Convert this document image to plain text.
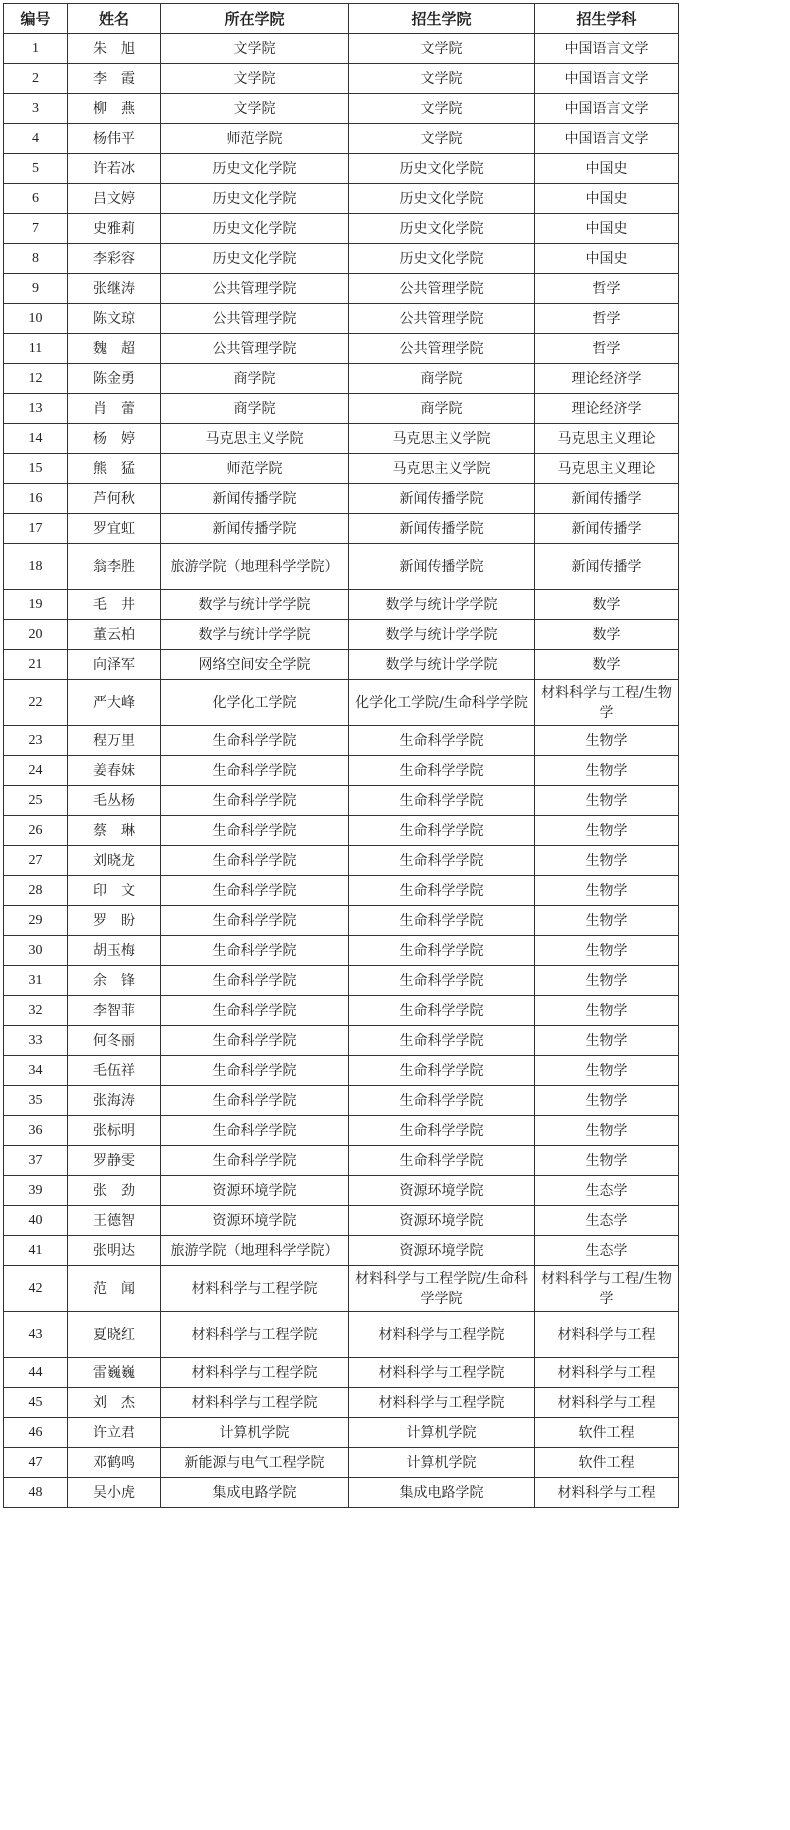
编号	姓名	所在学院	招生学院	招生学科
1	朱　旭	文学院	文学院	中国语言文学
2	李　霞	文学院	文学院	中国语言文学
3	柳　燕	文学院	文学院	中国语言文学
4	杨伟平	师范学院	文学院	中国语言文学
5	许若冰	历史文化学院	历史文化学院	中国史
6	吕文婷	历史文化学院	历史文化学院	中国史
7	史雅莉	历史文化学院	历史文化学院	中国史
8	李彩容	历史文化学院	历史文化学院	中国史
9	张继涛	公共管理学院	公共管理学院	哲学
10	陈文琼	公共管理学院	公共管理学院	哲学
11	魏　超	公共管理学院	公共管理学院	哲学
12	陈金勇	商学院	商学院	理论经济学
13	肖　蕾	商学院	商学院	理论经济学
14	杨　婷	马克思主义学院	马克思主义学院	马克思主义理论
15	熊　猛	师范学院	马克思主义学院	马克思主义理论
16	芦何秋	新闻传播学院	新闻传播学院	新闻传播学
17	罗宜虹	新闻传播学院	新闻传播学院	新闻传播学
18	翁李胜	旅游学院（地理科学学院）	新闻传播学院	新闻传播学
19	毛　井	数学与统计学学院	数学与统计学学院	数学
20	董云柏	数学与统计学学院	数学与统计学学院	数学
21	向泽军	网络空间安全学院	数学与统计学学院	数学
22	严大峰	化学化工学院	化学化工学院/生命科学学院	材料科学与工程/生物学
23	程万里	生命科学学院	生命科学学院	生物学
24	姜春妹	生命科学学院	生命科学学院	生物学
25	毛丛杨	生命科学学院	生命科学学院	生物学
26	蔡　琳	生命科学学院	生命科学学院	生物学
27	刘晓龙	生命科学学院	生命科学学院	生物学
28	印　文	生命科学学院	生命科学学院	生物学
29	罗　盼	生命科学学院	生命科学学院	生物学
30	胡玉梅	生命科学学院	生命科学学院	生物学
31	余　锋	生命科学学院	生命科学学院	生物学
32	李智菲	生命科学学院	生命科学学院	生物学
33	何冬丽	生命科学学院	生命科学学院	生物学
34	毛伍祥	生命科学学院	生命科学学院	生物学
35	张海涛	生命科学学院	生命科学学院	生物学
36	张标明	生命科学学院	生命科学学院	生物学
37	罗静雯	生命科学学院	生命科学学院	生物学
39	张　劲	资源环境学院	资源环境学院	生态学
40	王德智	资源环境学院	资源环境学院	生态学
41	张明达	旅游学院（地理科学学院）	资源环境学院	生态学
42	范　闻	材料科学与工程学院	材料科学与工程学院/生命科学学院	材料科学与工程/生物学
43	夏晓红	材料科学与工程学院	材料科学与工程学院	材料科学与工程
44	雷巍巍	材料科学与工程学院	材料科学与工程学院	材料科学与工程
45	刘　杰	材料科学与工程学院	材料科学与工程学院	材料科学与工程
46	许立君	计算机学院	计算机学院	软件工程
47	邓鹤鸣	新能源与电气工程学院	计算机学院	软件工程
48	吴小虎	集成电路学院	集成电路学院	材料科学与工程
